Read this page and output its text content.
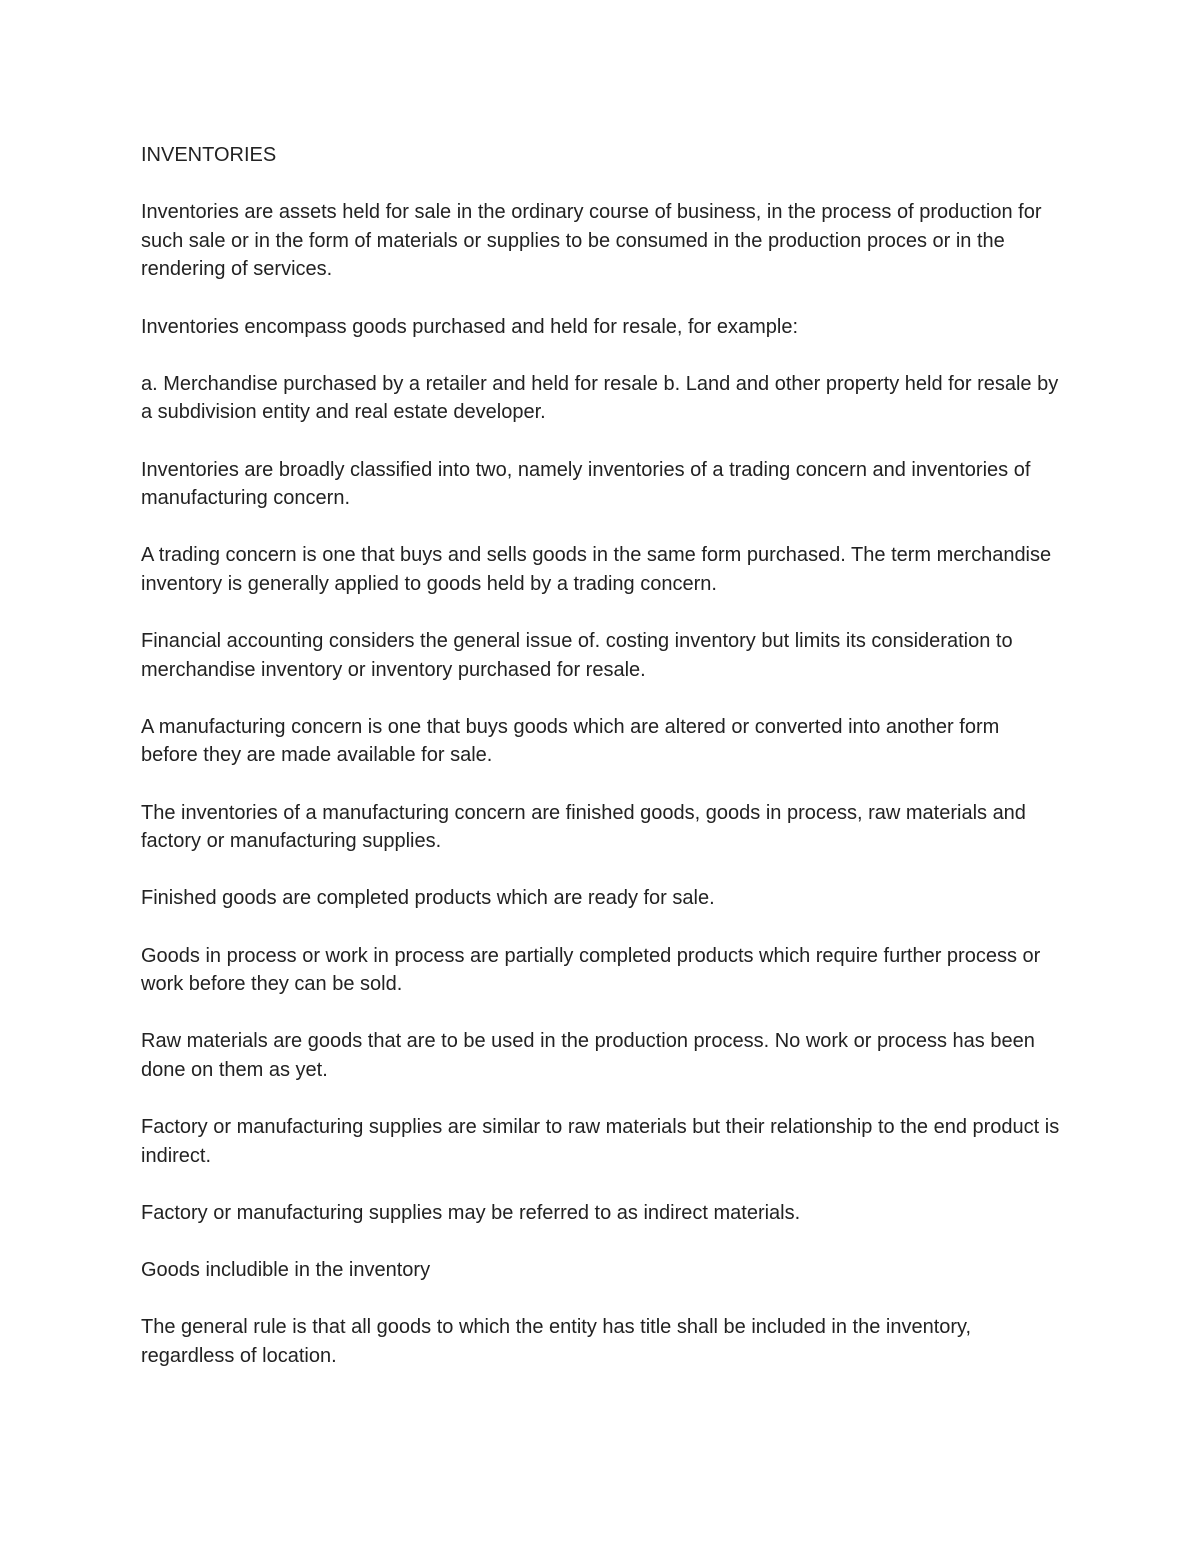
INVENTORIES

Inventories are assets held for sale in the ordinary course of business, in the process of production for such sale or in the form of materials or supplies to be consumed in the production proces or in the rendering of services.

Inventories encompass goods purchased and held for resale, for example:

a. Merchandise purchased by a retailer and held for resale b. Land and other property held for resale by a subdivision entity and real estate developer.

Inventories are broadly classified into two, namely inventories of a trading concern and inventories of manufacturing concern.

A trading concern is one that buys and sells goods in the same form purchased. The term merchandise inventory is generally applied to goods held by a trading concern.

Financial accounting considers the general issue of. costing inventory but limits its consideration to merchandise inventory or inventory purchased for resale.

A manufacturing concern is one that buys goods which are altered or converted into another form before they are made available for sale.

The inventories of a manufacturing concern are finished goods, goods in process, raw materials and factory or manufacturing supplies.

Finished goods are completed products which are ready for sale.

Goods in process or work in process are partially completed products which require further process or work before they can be sold.

Raw materials are goods that are to be used in the production process. No work or process has been done on them as yet.

Factory or manufacturing supplies are similar to raw materials but their relationship to the end product is indirect.

Factory or manufacturing supplies may be referred to as indirect materials.

Goods includible in the inventory

The general rule is that all goods to which the entity has title shall be included in the inventory, regardless of location.
